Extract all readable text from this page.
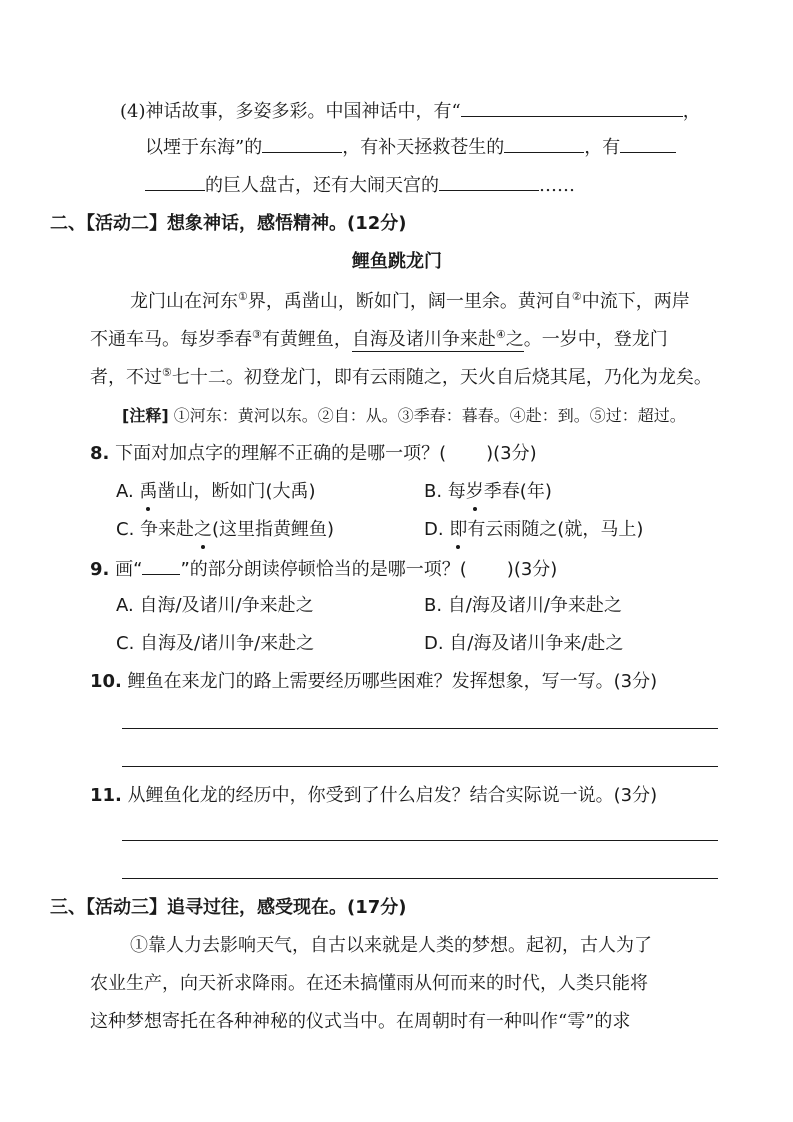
(4)神话故事，多姿多彩。中国神话中，有“	，
以堙于东海”的	，有补天拯救苍生的	，有
的巨人盘古，还有大闹天宫的	……
二、【活动二】想象神话，感悟精神。(12分)
鲤鱼跳龙门
龙门山在河东①界，禹凿山，断如门，阔一里余。黄河自②中流下，两岸
不通车马。每岁季春③有黄鲤鱼，自海及诸川争来赴④之。一岁中，登龙门
者，不过⑤七十二。初登龙门，即有云雨随之，天火自后烧其尾，乃化为龙矣。
[注释] ①河东：黄河以东。②自：从。③季春：暮春。④赴：到。⑤过：超过。
8. 下面对加点字的理解不正确的是哪一项？( )(3分)
A. 禹凿山，断如门(大禹)	B. 每岁季春(年)
C. 争来赴之(这里指黄鲤鱼)	D. 即有云雨随之(就，马上)
9. 画“ ”的部分朗读停顿恰当的是哪一项？( )(3分)
A. 自海/及诸川/争来赴之	B. 自/海及诸川/争来赴之
C. 自海及/诸川争/来赴之	D. 自/海及诸川争来/赴之
10. 鲤鱼在来龙门的路上需要经历哪些困难？发挥想象，写一写。(3分)
11. 从鲤鱼化龙的经历中，你受到了什么启发？结合实际说一说。(3分)
三、【活动三】追寻过往，感受现在。(17分)
①靠人力去影响天气，自古以来就是人类的梦想。起初，古人为了
农业生产，向天祈求降雨。在还未搞懂雨从何而来的时代，人类只能将
这种梦想寄托在各种神秘的仪式当中。在周朝时有一种叫作“雩”的求
